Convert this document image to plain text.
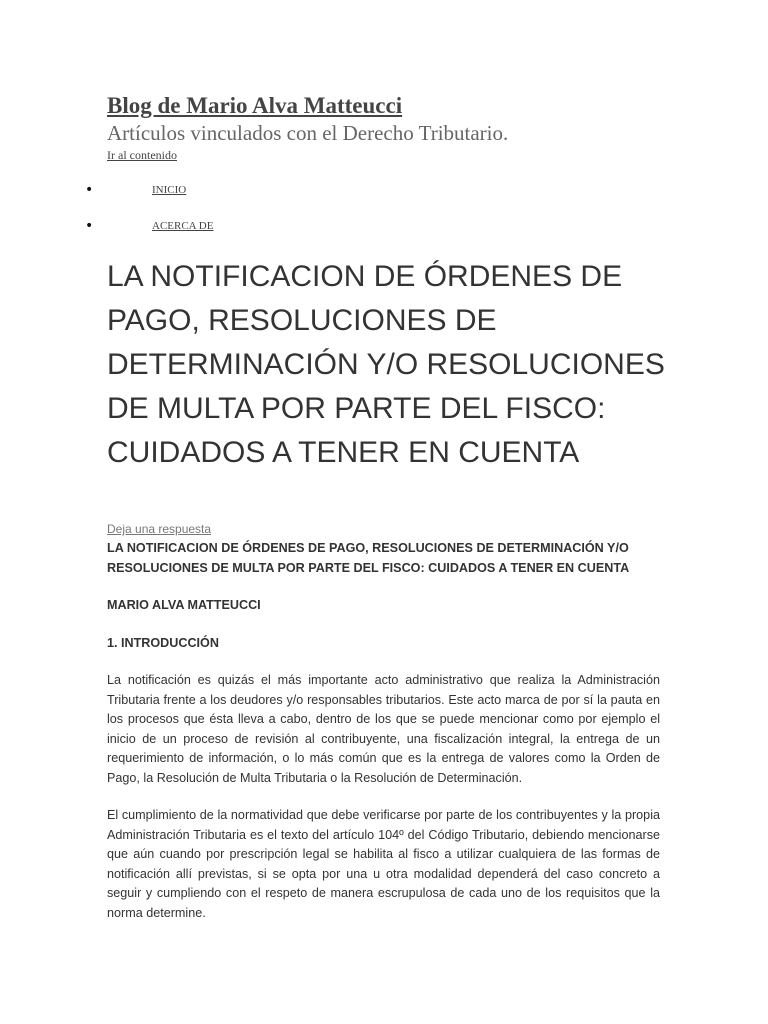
Blog de Mario Alva Matteucci
Artículos vinculados con el Derecho Tributario.
Ir al contenido
•	INICIO
•	ACERCA DE
LA NOTIFICACION DE ÓRDENES DE PAGO, RESOLUCIONES DE DETERMINACIÓN Y/O RESOLUCIONES DE MULTA POR PARTE DEL FISCO: CUIDADOS A TENER EN CUENTA
Deja una respuesta

LA NOTIFICACION DE ÓRDENES DE PAGO, RESOLUCIONES DE DETERMINACIÓN Y/O RESOLUCIONES DE MULTA POR PARTE DEL FISCO: CUIDADOS A TENER EN CUENTA

MARIO ALVA MATTEUCCI

1. INTRODUCCIÓN

La notificación es quizás el más importante acto administrativo que realiza la Administración Tributaria frente a los deudores y/o responsables tributarios. Este acto marca de por sí la pauta en los procesos que ésta lleva a cabo, dentro de los que se puede mencionar como por ejemplo el inicio de un proceso de revisión al contribuyente, una fiscalización integral, la entrega de un requerimiento de información, o lo más común que es la entrega de valores como la Orden de Pago, la Resolución de Multa Tributaria o la Resolución de Determinación.

El cumplimiento de la normatividad que debe verificarse por parte de los contribuyentes y la propia Administración Tributaria es el texto del artículo 104º del Código Tributario, debiendo mencionarse que aún cuando por prescripción legal se habilita al fisco a utilizar cualquiera de las formas de notificación allí previstas, si se opta por una u otra modalidad dependerá del caso concreto a seguir y cumpliendo con el respeto de manera escrupulosa de cada uno de los requisitos que la norma determine.
